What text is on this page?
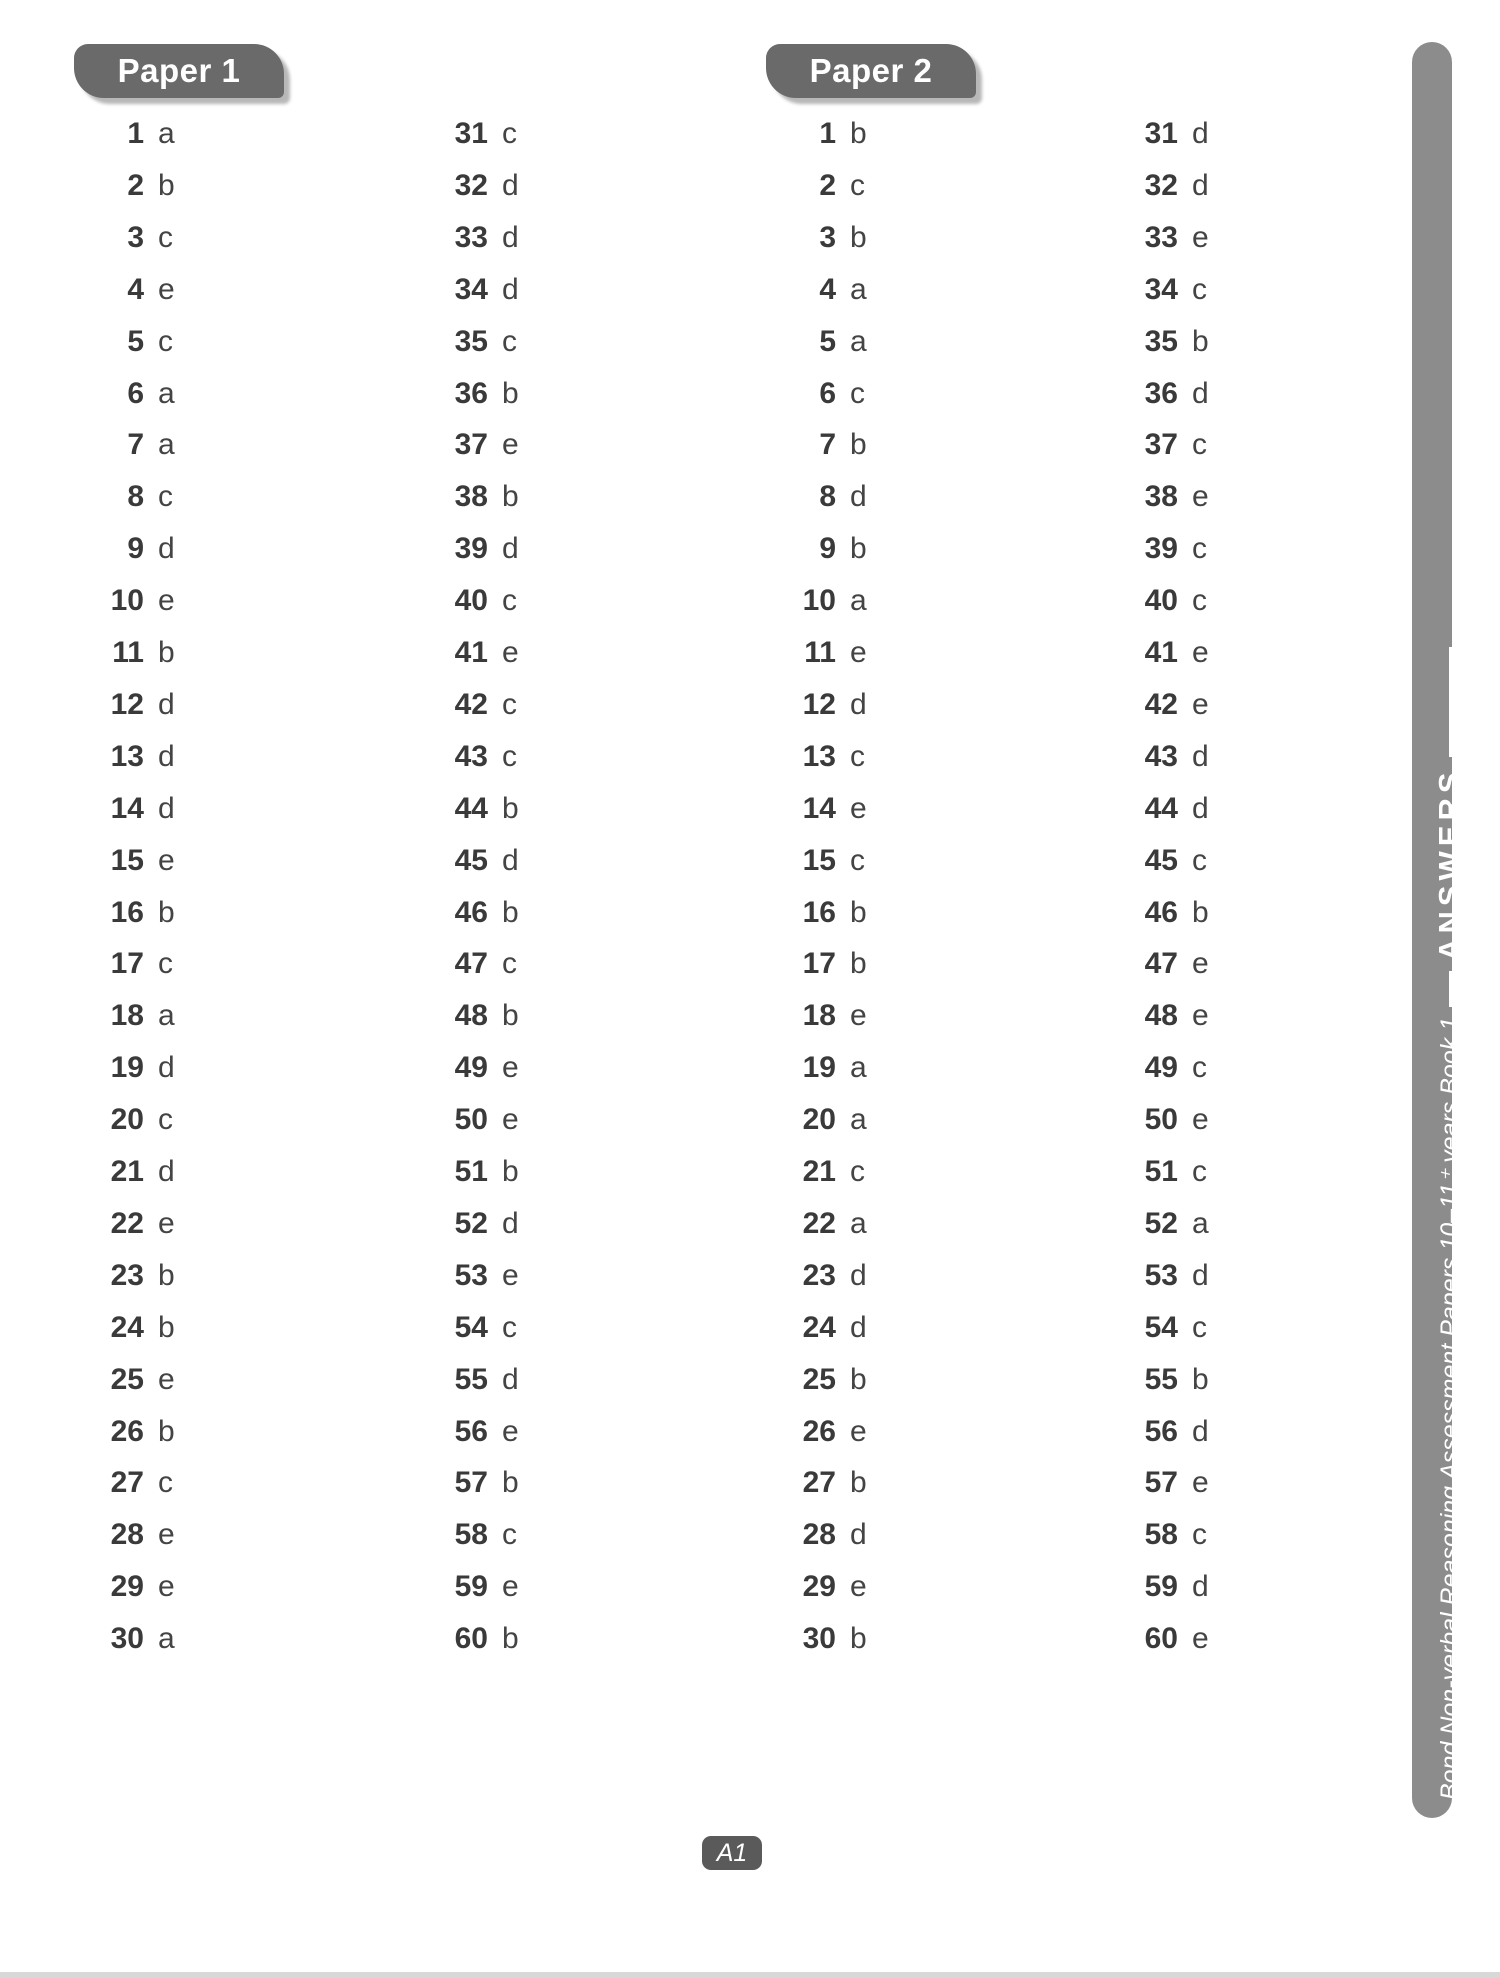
Paper 1	Paper 2
1 a
2 b
3 c
4 e
5 c
6 a
7 a
8 c
9 d
10 e
11 b
12 d
13 d
14 d
15 e
16 b
17 c
18 a
19 d
20 c
21 d
22 e
23 b
24 b
25 e
26 b
27 c
28 e
29 e
30 a
31 c
32 d
33 d
34 d
35 c
36 b
37 e
38 b
39 d
40 c
41 e
42 c
43 c
44 b
45 d
46 b
47 c
48 b
49 e
50 e
51 b
52 d
53 e
54 c
55 d
56 e
57 b
58 c
59 e
60 b
1 b
2 c
3 b
4 a
5 a
6 c
7 b
8 d
9 b
10 a
11 e
12 d
13 c
14 e
15 c
16 b
17 b
18 e
19 a
20 a
21 c
22 a
23 d
24 d
25 b
26 e
27 b
28 d
29 e
30 b
31 d
32 d
33 e
34 c
35 b
36 d
37 c
38 e
39 c
40 c
41 e
42 e
43 d
44 d
45 c
46 b
47 e
48 e
49 c
50 e
51 c
52 a
53 d
54 c
55 b
56 d
57 e
58 c
59 d
60 e	Bond Non-verbal Reasoning Assessment Papers 10–11⁺ years Book 1
ANSWERS
A1
